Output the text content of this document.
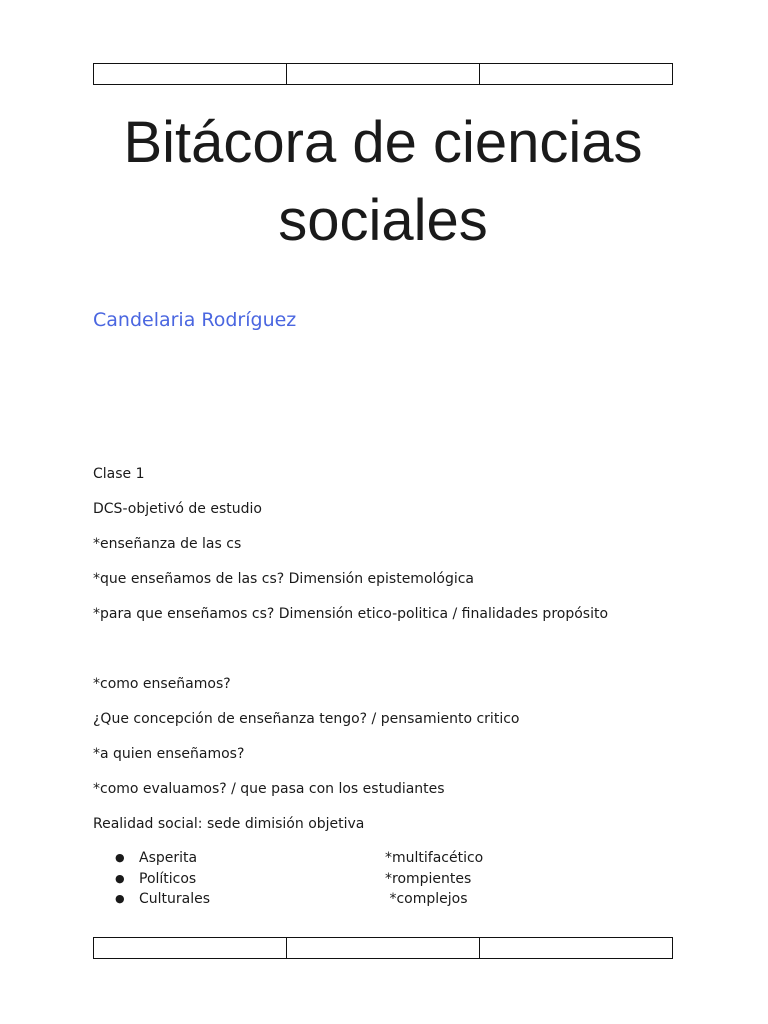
Bitácora de ciencias sociales

Candelaria Rodríguez

Clase 1
DCS-objetivó de estudio
*enseñanza de las cs
*que enseñamos de las cs? Dimensión epistemológica
*para que enseñamos cs? Dimensión etico-politica / finalidades propósito
*como enseñamos?
¿Que concepción de enseñanza tengo? / pensamiento critico
*a quien enseñamos?
*como evaluamos? / que pasa con los estudiantes
Realidad social: sede dimisión objetiva
● Asperita	*multifacético
● Políticos	*rompientes
● Culturales	*complejos
